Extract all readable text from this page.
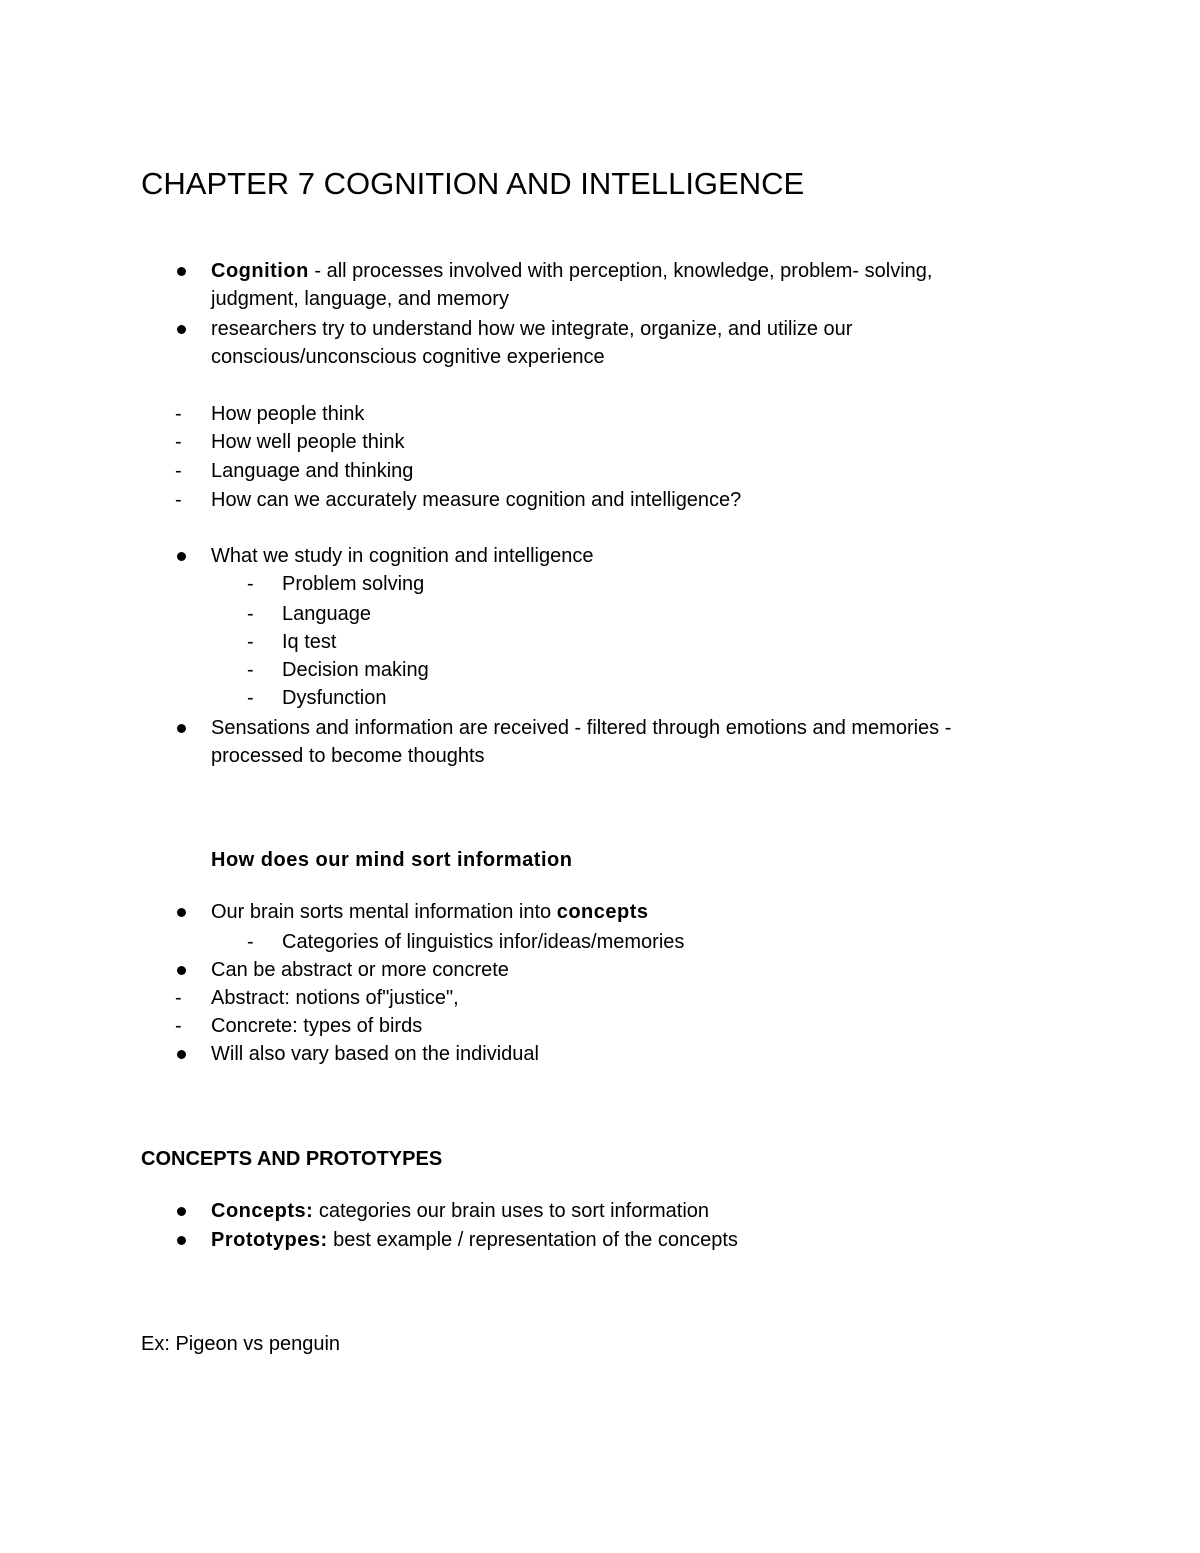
CHAPTER 7 COGNITION AND INTELLIGENCE
Cognition - all processes involved with perception, knowledge, problem- solving,
judgment, language, and memory
researchers try to understand how we integrate, organize, and utilize our
conscious/unconscious cognitive experience
- How people think
- How well people think
- Language and thinking
- How can we accurately measure cognition and intelligence?
What we study in cognition and intelligence
- Problem solving
- Language
- Iq test
- Decision making
- Dysfunction
Sensations and information are received - filtered through emotions and memories -
processed to become thoughts
How does our mind sort information
Our brain sorts mental information into concepts
- Categories of linguistics infor/ideas/memories
Can be abstract or more concrete
- Abstract: notions of"justice",
- Concrete: types of birds
Will also vary based on the individual
CONCEPTS AND PROTOTYPES
Concepts: categories our brain uses to sort information
Prototypes: best example / representation of the concepts
Ex: Pigeon vs penguin
